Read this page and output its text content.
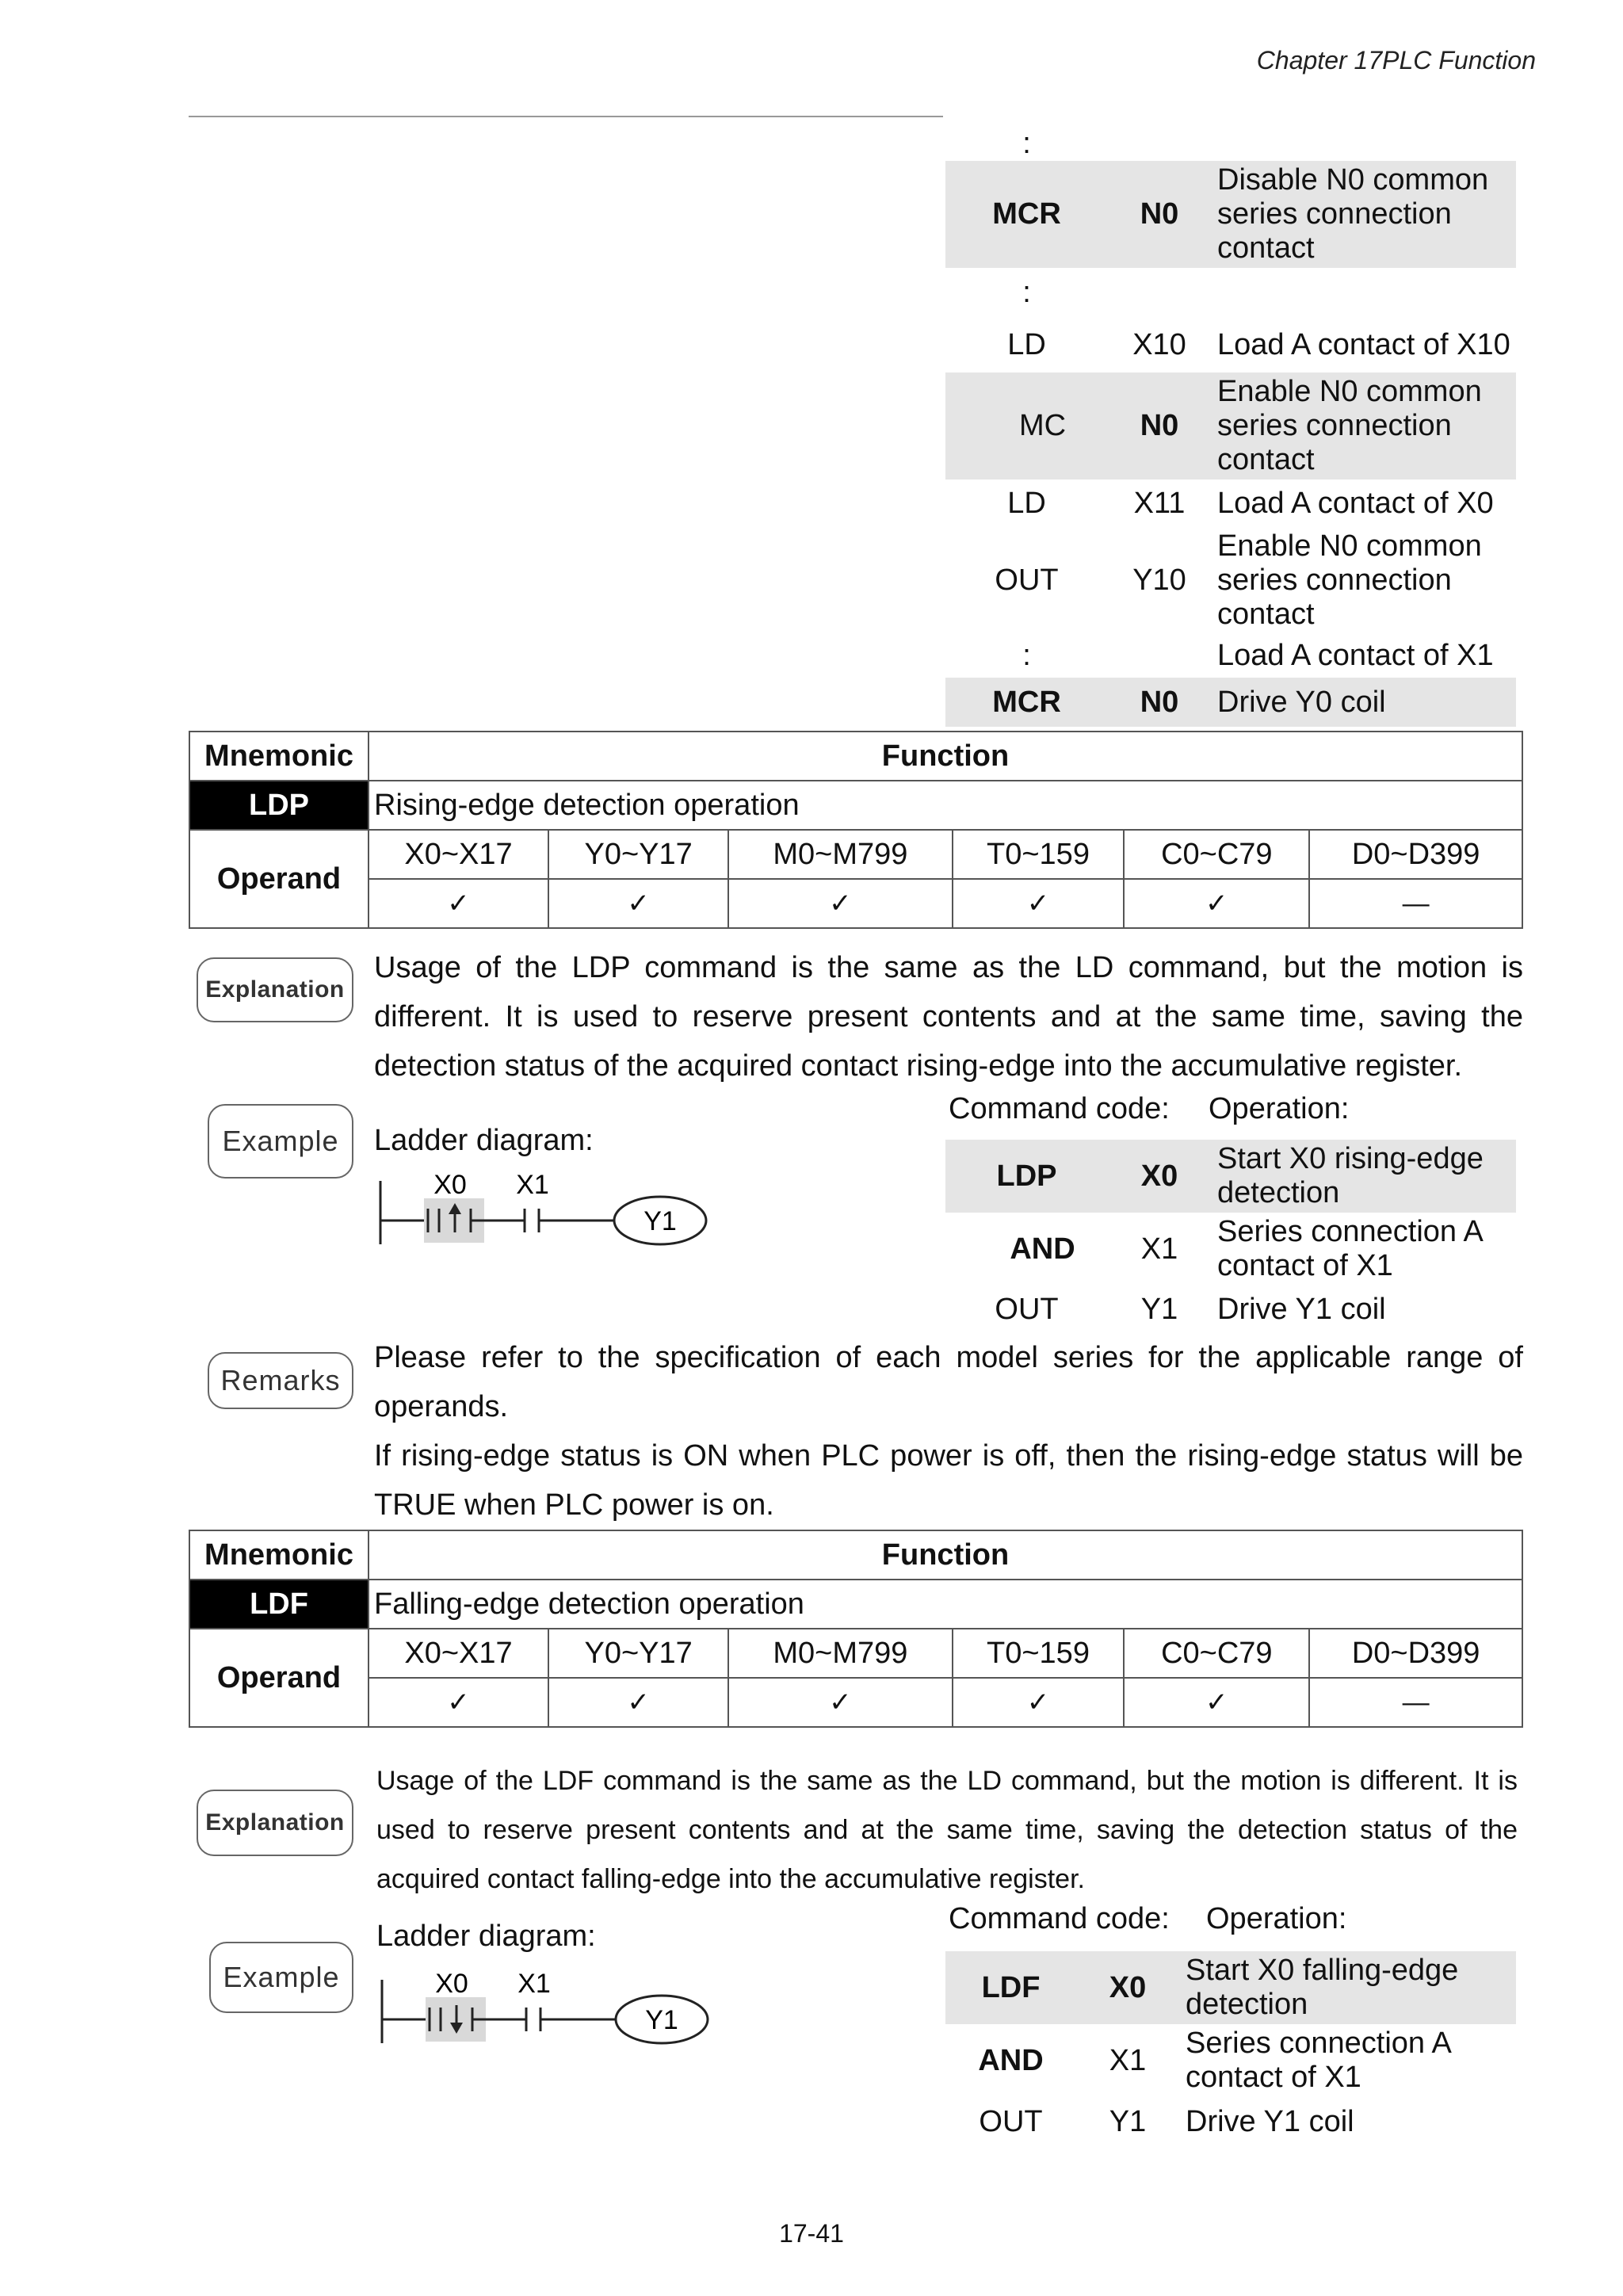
Chapter 17PLC Function
:		
MCR	N0	Disable N0 common series connection contact
:		
LD	X10	Load A contact of X10
MC	N0	Enable N0 common series connection contact
LD	X11	Load A contact of X0
OUT	Y10	Enable N0 common series connection contact
:		Load A contact of X1
MCR	N0	Drive Y0 coil
Mnemonic	Function					
LDP	Rising-edge detection operation					
Operand	X0~X17	Y0~Y17	M0~M799	T0~159	C0~C79	D0~D399
	✓	✓	✓	✓	✓	—
Explanation
Usage of the LDP command is the same as the LD command, but the motion is different. It is used to reserve present contents and at the same time, saving the detection status of the acquired contact rising-edge into the accumulative register.
Example	Ladder diagram:
X0 X1
Y1
Command code: Operation:
LDP	X0	Start X0 rising-edge detection
AND	X1	Series connection A contact of X1
OUT	Y1	Drive Y1 coil
Remarks
Please refer to the specification of each model series for the applicable range of operands.
If rising-edge status is ON when PLC power is off, then the rising-edge status will be TRUE when PLC power is on.
Mnemonic	Function					
LDF	Falling-edge detection operation					
Operand	X0~X17	Y0~Y17	M0~M799	T0~159	C0~C79	D0~D399
	✓	✓	✓	✓	✓	—
Explanation
Usage of the LDF command is the same as the LD command, but the motion is different. It is used to reserve present contents and at the same time, saving the detection status of the acquired contact falling-edge into the accumulative register.
Example
Ladder diagram:
X0 X1
Y1
Command code: Operation:
LDF	X0	Start X0 falling-edge detection
AND	X1	Series connection A contact of X1
OUT	Y1	Drive Y1 coil
17-41
